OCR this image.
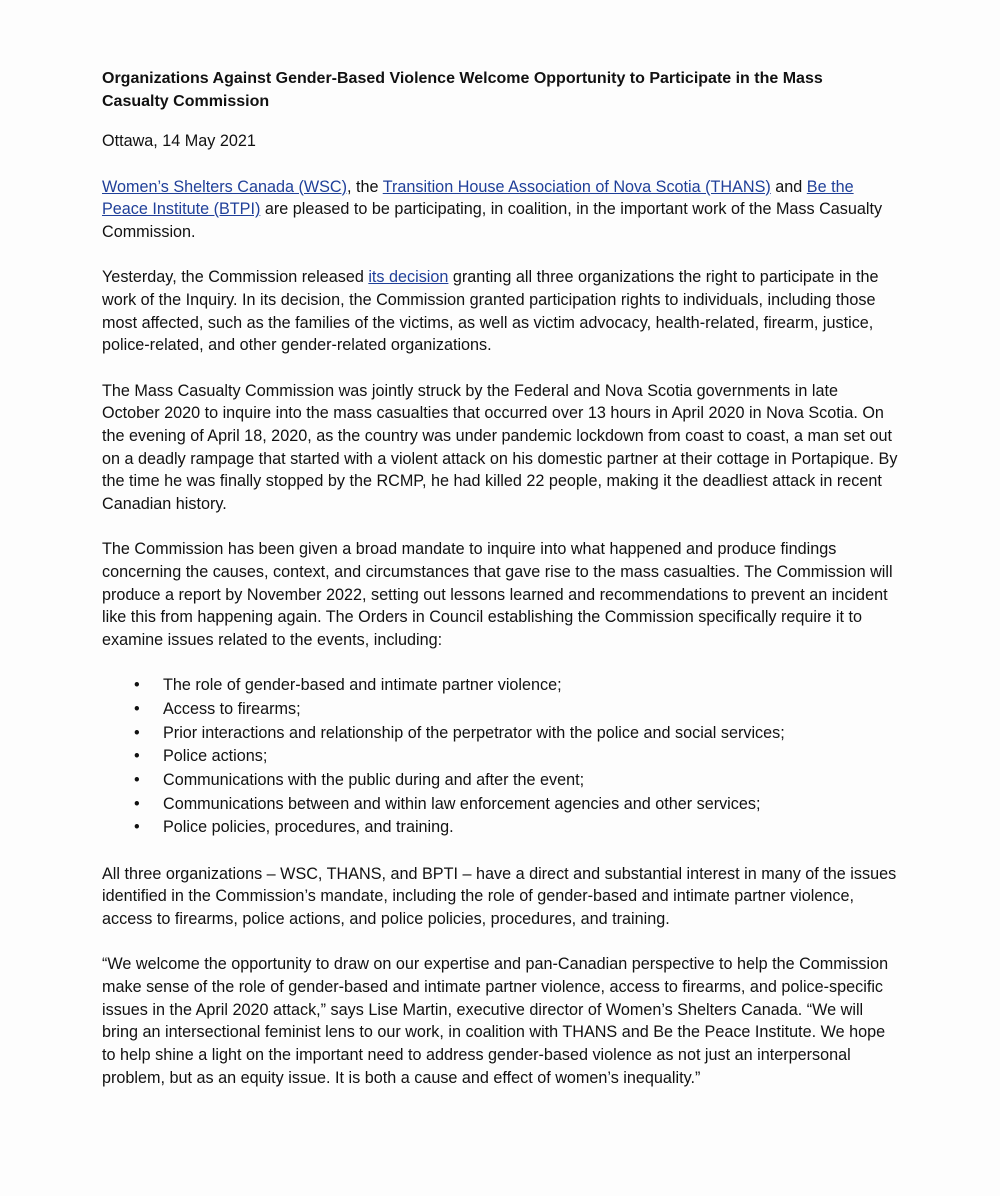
Organizations Against Gender-Based Violence Welcome Opportunity to Participate in the Mass Casualty Commission

Ottawa, 14 May 2021

Women’s Shelters Canada (WSC), the Transition House Association of Nova Scotia (THANS) and Be the Peace Institute (BTPI) are pleased to be participating, in coalition, in the important work of the Mass Casualty Commission.

Yesterday, the Commission released its decision granting all three organizations the right to participate in the work of the Inquiry. In its decision, the Commission granted participation rights to individuals, including those most affected, such as the families of the victims, as well as victim advocacy, health-related, firearm, justice, police-related, and other gender-related organizations.

The Mass Casualty Commission was jointly struck by the Federal and Nova Scotia governments in late October 2020 to inquire into the mass casualties that occurred over 13 hours in April 2020 in Nova Scotia. On the evening of April 18, 2020, as the country was under pandemic lockdown from coast to coast, a man set out on a deadly rampage that started with a violent attack on his domestic partner at their cottage in Portapique. By the time he was finally stopped by the RCMP, he had killed 22 people, making it the deadliest attack in recent Canadian history.

The Commission has been given a broad mandate to inquire into what happened and produce findings concerning the causes, context, and circumstances that gave rise to the mass casualties. The Commission will produce a report by November 2022, setting out lessons learned and recommendations to prevent an incident like this from happening again. The Orders in Council establishing the Commission specifically require it to examine issues related to the events, including:

• The role of gender-based and intimate partner violence;
• Access to firearms;
• Prior interactions and relationship of the perpetrator with the police and social services;
• Police actions;
• Communications with the public during and after the event;
• Communications between and within law enforcement agencies and other services;
• Police policies, procedures, and training.

All three organizations – WSC, THANS, and BPTI – have a direct and substantial interest in many of the issues identified in the Commission’s mandate, including the role of gender-based and intimate partner violence, access to firearms, police actions, and police policies, procedures, and training.

“We welcome the opportunity to draw on our expertise and pan-Canadian perspective to help the Commission make sense of the role of gender-based and intimate partner violence, access to firearms, and police-specific issues in the April 2020 attack,” says Lise Martin, executive director of Women’s Shelters Canada. “We will bring an intersectional feminist lens to our work, in coalition with THANS and Be the Peace Institute. We hope to help shine a light on the important need to address gender-based violence as not just an interpersonal problem, but as an equity issue. It is both a cause and effect of women’s inequality.”
